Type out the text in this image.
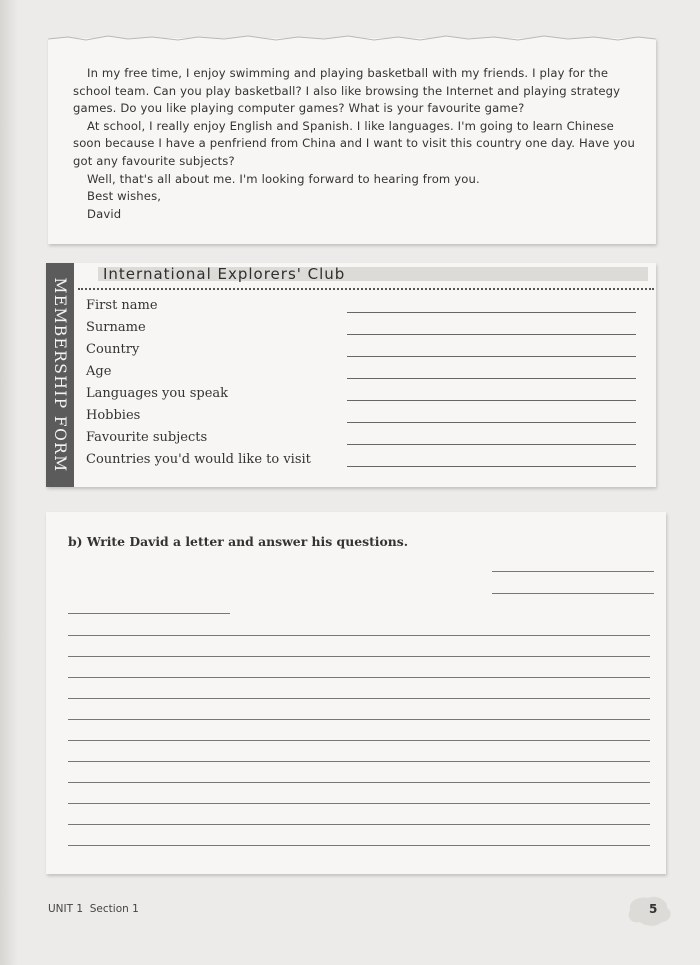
In my free time, I enjoy swimming and playing basketball with my friends. I play for the school team. Can you play basketball? I also like browsing the Internet and playing strategy games. Do you like playing computer games? What is your favourite game?
At school, I really enjoy English and Spanish. I like languages. I'm going to learn Chinese soon because I have a penfriend from China and I want to visit this country one day. Have you got any favourite subjects?
Well, that's all about me. I'm looking forward to hearing from you.
Best wishes,
David
MEMBERSHIP FORM
International Explorers' Club
First name
Surname
Country
Age
Languages you speak
Hobbies
Favourite subjects
Countries you'd would like to visit
b) Write David a letter and answer his questions.
UNIT 1 Section 1	5
